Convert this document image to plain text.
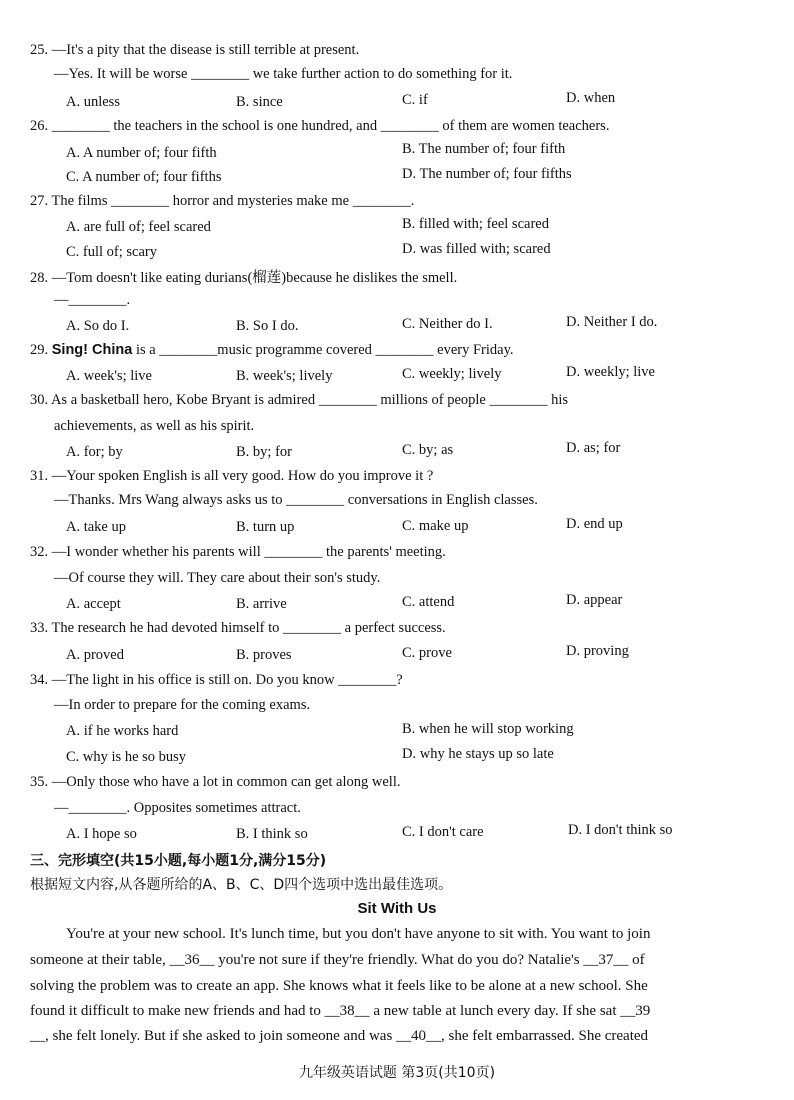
25. —It's a pity that the disease is still terrible at present.
—Yes. It will be worse ________ we take further action to do something for it.
A. unless	B. since	C. if	D. when
26. ________ the teachers in the school is one hundred, and ________ of them are women teachers.
A. A number of; four fifth	B. The number of; four fifth
C. A number of; four fifths	D. The number of; four fifths
27. The films ________ horror and mysteries make me ________.
A. are full of; feel scared	B. filled with; feel scared
C. full of; scary	D. was filled with; scared
28. —Tom doesn't like eating durians(榴莲)because he dislikes the smell.
—________.
A. So do I.	B. So I do.	C. Neither do I.	D. Neither I do.
29. Sing! China is a ________music programme covered ________ every Friday.
A. week's; live	B. week's; lively	C. weekly; lively	D. weekly; live
30. As a basketball hero, Kobe Bryant is admired ________ millions of people ________ his
achievements, as well as his spirit.
A. for; by	B. by; for	C. by; as	D. as; for
31. —Your spoken English is all very good. How do you improve it ?
—Thanks. Mrs Wang always asks us to ________ conversations in English classes.
A. take up	B. turn up	C. make up	D. end up
32. —I wonder whether his parents will ________ the parents' meeting.
—Of course they will. They care about their son's study.
A. accept	B. arrive	C. attend	D. appear
33. The research he had devoted himself to ________ a perfect success.
A. proved	B. proves	C. prove	D. proving
34. —The light in his office is still on. Do you know ________?
—In order to prepare for the coming exams.
A. if he works hard	B. when he will stop working
C. why is he so busy	D. why he stays up so late
35. —Only those who have a lot in common can get along well.
—________. Opposites sometimes attract.
A. I hope so	B. I think so	C. I don't care	D. I don't think so
三、完形填空(共15小题,每小题1分,满分15分)
根据短文内容,从各题所给的A、B、C、D四个选项中选出最佳选项。
Sit With Us
You're at your new school. It's lunch time, but you don't have anyone to sit with. You want to join
someone at their table, __36__ you're not sure if they're friendly. What do you do? Natalie's __37__ of
solving the problem was to create an app. She knows what it feels like to be alone at a new school. She
found it difficult to make new friends and had to __38__ a new table at lunch every day. If she sat __39
__, she felt lonely. But if she asked to join someone and was __40__, she felt embarrassed. She created
九年级英语试题 第3页(共10页)
